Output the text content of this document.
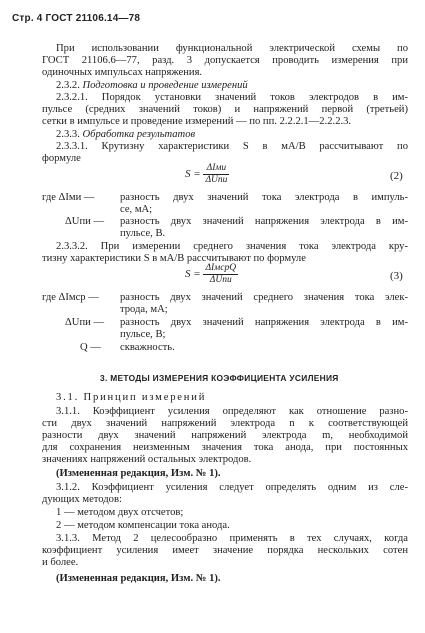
Стр. 4 ГОСТ 21106.14—78
При использовании функциональной электрической схемы по
ГОСТ 21106.6—77, разд. 3 допускается проводить измерения при
одиночных импульсах напряжения.
2.3.2. Подготовка и проведение измерений
2.3.2.1. Порядок установки значений токов электродов в им-
пульсе (средних значений токов) и напряжений первой (третьей)
сетки в импульсе и проведение измерений — по пп. 2.2.2.1—2.2.2.3.
2.3.3. Обработка результатов
2.3.3.1. Крутизну характеристики S в мА/В рассчитывают по
формуле
$S = \frac{\text{ΔIми}}{\text{ΔUпи}}$	(2)
где ΔIми — разность двух значений тока электрода в импуль-
се, мА;
ΔUпи — разность двух значений напряжения электрода в им-
пульсе, В.
2.3.3.2. При измерении среднего значения тока электрода кру-
тизну характеристики S в мА/В рассчитывают по формуле
$S = \frac{\text{ΔIмсрQ}}{\text{ΔUпи}}$	(3)
где ΔIмср — разность двух значений среднего значения тока элек-
трода, мА;
ΔUпи — разность двух значений напряжения электрода в им-
пульсе, В;
Q — скважность.
3. МЕТОДЫ ИЗМЕРЕНИЯ КОЭФФИЦИЕНТА УСИЛЕНИЯ
3.1. Принцип измерений
3.1.1. Коэффициент усиления определяют как отношение разно-
сти двух значений напряжений электрода n к соответствующей
разности двух значений напряжений электрода m, необходимой
для сохранения неизменным значения тока анода, при постоянных
значениях напряжений остальных электродов.
(Измененная редакция, Изм. № 1).
3.1.2. Коэффициент усиления следует определять одним из сле-
дующих методов:
1 — методом двух отсчетов;
2 — методом компенсации тока анода.
3.1.3. Метод 2 целесообразно применять в тех случаях, когда
коэффициент усиления имеет значение порядка нескольких сотен
и более.
(Измененная редакция, Изм. № 1).
